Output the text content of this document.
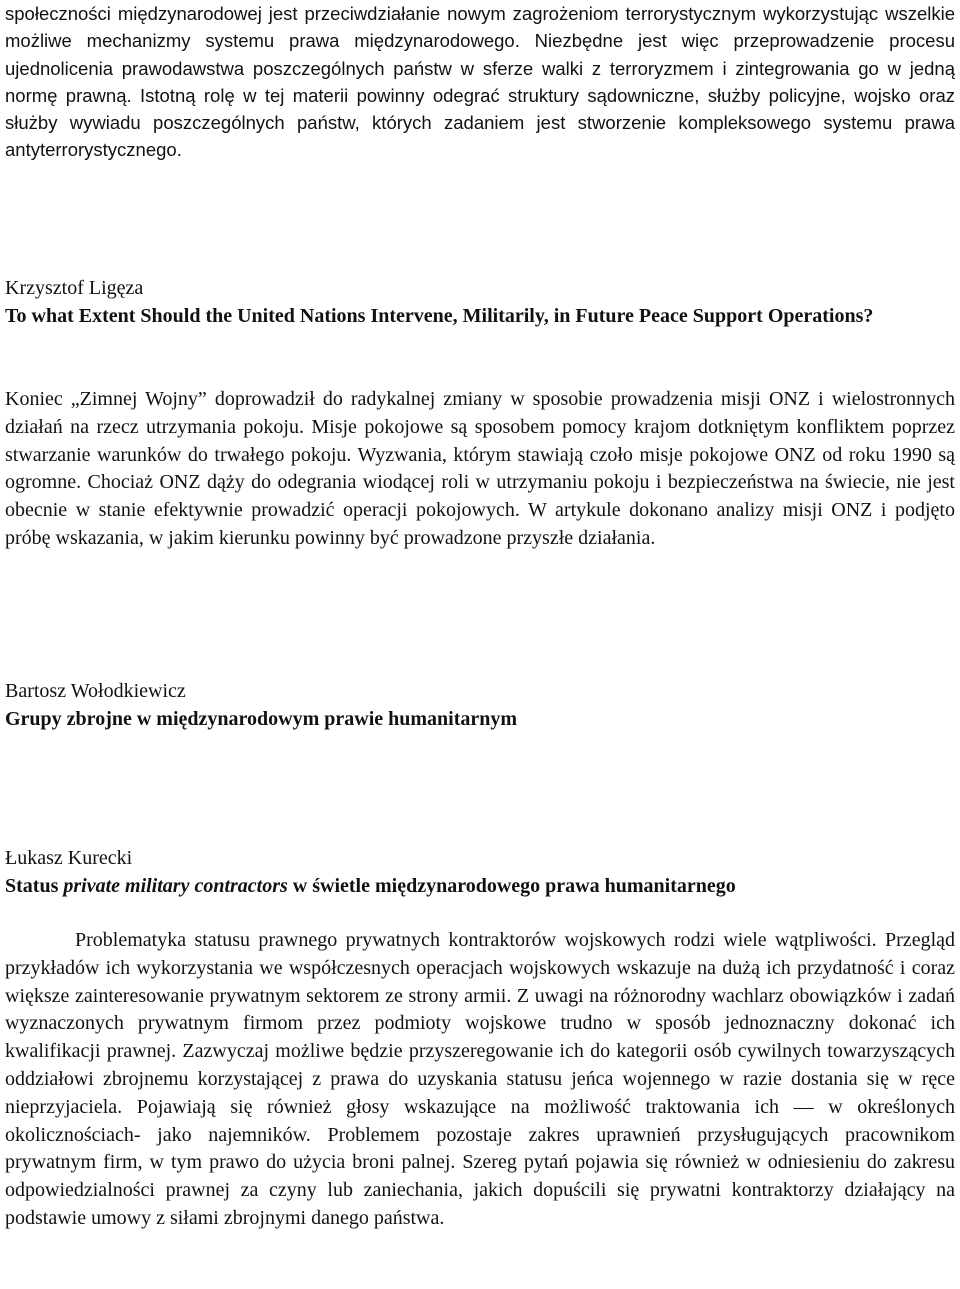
społeczności międzynarodowej jest przeciwdziałanie nowym zagrożeniom terrorystycznym wykorzystując wszelkie możliwe mechanizmy systemu prawa międzynarodowego. Niezbędne jest więc przeprowadzenie procesu ujednolicenia prawodawstwa poszczególnych państw w sferze walki z terroryzmem i zintegrowania go w jedną normę prawną. Istotną rolę w tej materii powinny odegrać struktury sądowniczne, służby policyjne, wojsko oraz służby wywiadu poszczególnych państw, których zadaniem jest stworzenie kompleksowego systemu prawa antyterrorystycznego.

Krzysztof Ligęza

To what Extent Should the United Nations Intervene, Militarily, in Future Peace Support Operations?

Koniec „Zimnej Wojny” doprowadził do radykalnej zmiany w sposobie prowadzenia misji ONZ i wielostronnych działań na rzecz utrzymania pokoju. Misje pokojowe są sposobem pomocy krajom dotkniętym konfliktem poprzez stwarzanie warunków do trwałego pokoju. Wyzwania, którym stawiają czoło misje pokojowe ONZ od roku 1990 są ogromne. Chociaż ONZ dąży do odegrania wiodącej roli w utrzymaniu pokoju i bezpieczeństwa na świecie, nie jest obecnie w stanie efektywnie prowadzić operacji pokojowych. W artykule dokonano analizy misji ONZ i podjęto próbę wskazania, w jakim kierunku powinny być prowadzone przyszłe działania.

Bartosz Wołodkiewicz

Grupy zbrojne w międzynarodowym prawie humanitarnym

Łukasz Kurecki

Status private military contractors w świetle międzynarodowego prawa humanitarnego

Problematyka statusu prawnego prywatnych kontraktorów wojskowych rodzi wiele wątpliwości. Przegląd przykładów ich wykorzystania we współczesnych operacjach wojskowych wskazuje na dużą ich przydatność i coraz większe zainteresowanie prywatnym sektorem ze strony armii. Z uwagi na różnorodny wachlarz obowiązków i zadań wyznaczonych prywatnym firmom przez podmioty wojskowe trudno w sposób jednoznaczny dokonać ich kwalifikacji prawnej. Zazwyczaj możliwe będzie przyszeregowanie ich do kategorii osób cywilnych towarzyszących oddziałowi zbrojnemu korzystającej z prawa do uzyskania statusu jeńca wojennego w razie dostania się w ręce nieprzyjaciela. Pojawiają się również głosy wskazujące na możliwość traktowania ich — w określonych okolicznościach- jako najemników. Problemem pozostaje zakres uprawnień przysługujących pracownikom prywatnym firm, w tym prawo do użycia broni palnej. Szereg pytań pojawia się również w odniesieniu do zakresu odpowiedzialności prawnej za czyny lub zaniechania, jakich dopuścili się prywatni kontraktorzy działający na podstawie umowy z siłami zbrojnymi danego państwa.
